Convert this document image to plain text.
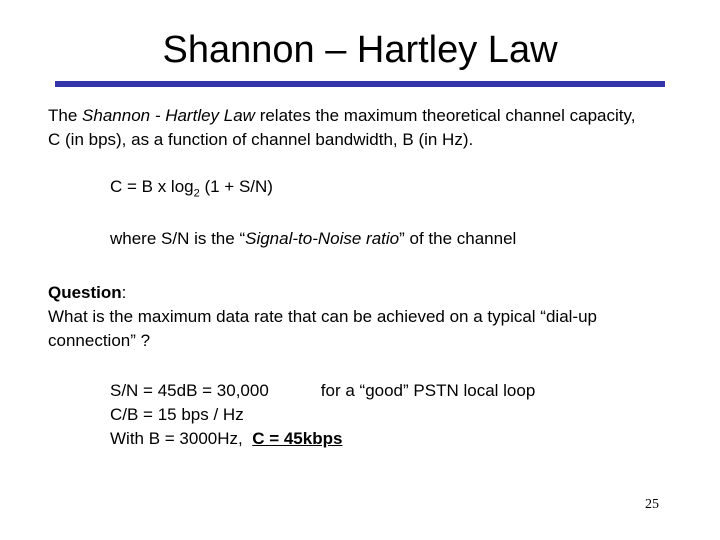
Shannon – Hartley Law
The Shannon - Hartley Law relates the maximum theoretical channel capacity,
C (in bps), as a function of channel bandwidth, B (in Hz).
C = B x $\log_2 (1 + S/N)$
where S/N is the “Signal-to-Noise ratio” of the channel
Question:
What is the maximum data rate that can be achieved on a typical “dial-up
connection” ?
S/N = 45dB = 30,000	for a “good” PSTN local loop
C/B = 15 bps / Hz
With B = 3000Hz,  C = 45kbps
25
